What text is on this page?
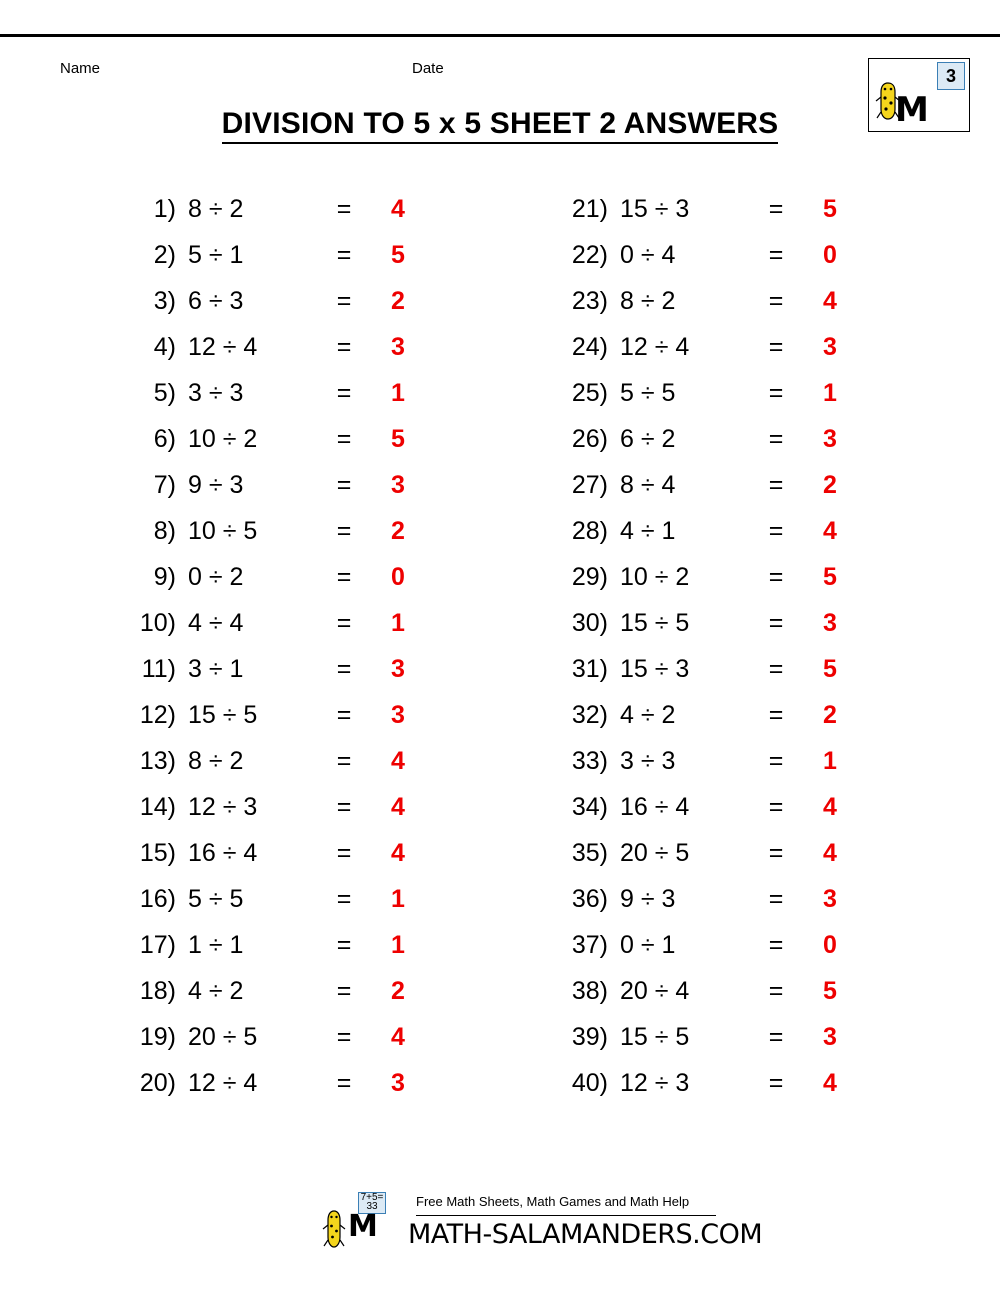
Name	Date
DIVISION TO 5 x 5 SHEET 2 ANSWERS
3
M
1) 8 ÷ 2	=	4
2) 5 ÷ 1	=	5
3) 6 ÷ 3	=	2
4) 12 ÷ 4	=	3
5) 3 ÷ 3	=	1
6) 10 ÷ 2	=	5
7) 9 ÷ 3	=	3
8) 10 ÷ 5	=	2
9) 0 ÷ 2	=	0
10) 4 ÷ 4	=	1
11) 3 ÷ 1	=	3
12) 15 ÷ 5	=	3
13) 8 ÷ 2	=	4
14) 12 ÷ 3	=	4
15) 16 ÷ 4	=	4
16) 5 ÷ 5	=	1
17) 1 ÷ 1	=	1
18) 4 ÷ 2	=	2
19) 20 ÷ 5	=	4
20) 12 ÷ 4	=	3
21) 15 ÷ 3	=	5
22) 0 ÷ 4	=	0
23) 8 ÷ 2	=	4
24) 12 ÷ 4	=	3
25) 5 ÷ 5	=	1
26) 6 ÷ 2	=	3
27) 8 ÷ 4	=	2
28) 4 ÷ 1	=	4
29) 10 ÷ 2	=	5
30) 15 ÷ 5	=	3
31) 15 ÷ 3	=	5
32) 4 ÷ 2	=	2
33) 3 ÷ 3	=	1
34) 16 ÷ 4	=	4
35) 20 ÷ 5	=	4
36) 9 ÷ 3	=	3
37) 0 ÷ 1	=	0
38) 20 ÷ 4	=	5
39) 15 ÷ 5	=	3
40) 12 ÷ 3	=	4
7+5=
33
M
Free Math Sheets, Math Games and Math Help
MATH-SALAMANDERS.COM
